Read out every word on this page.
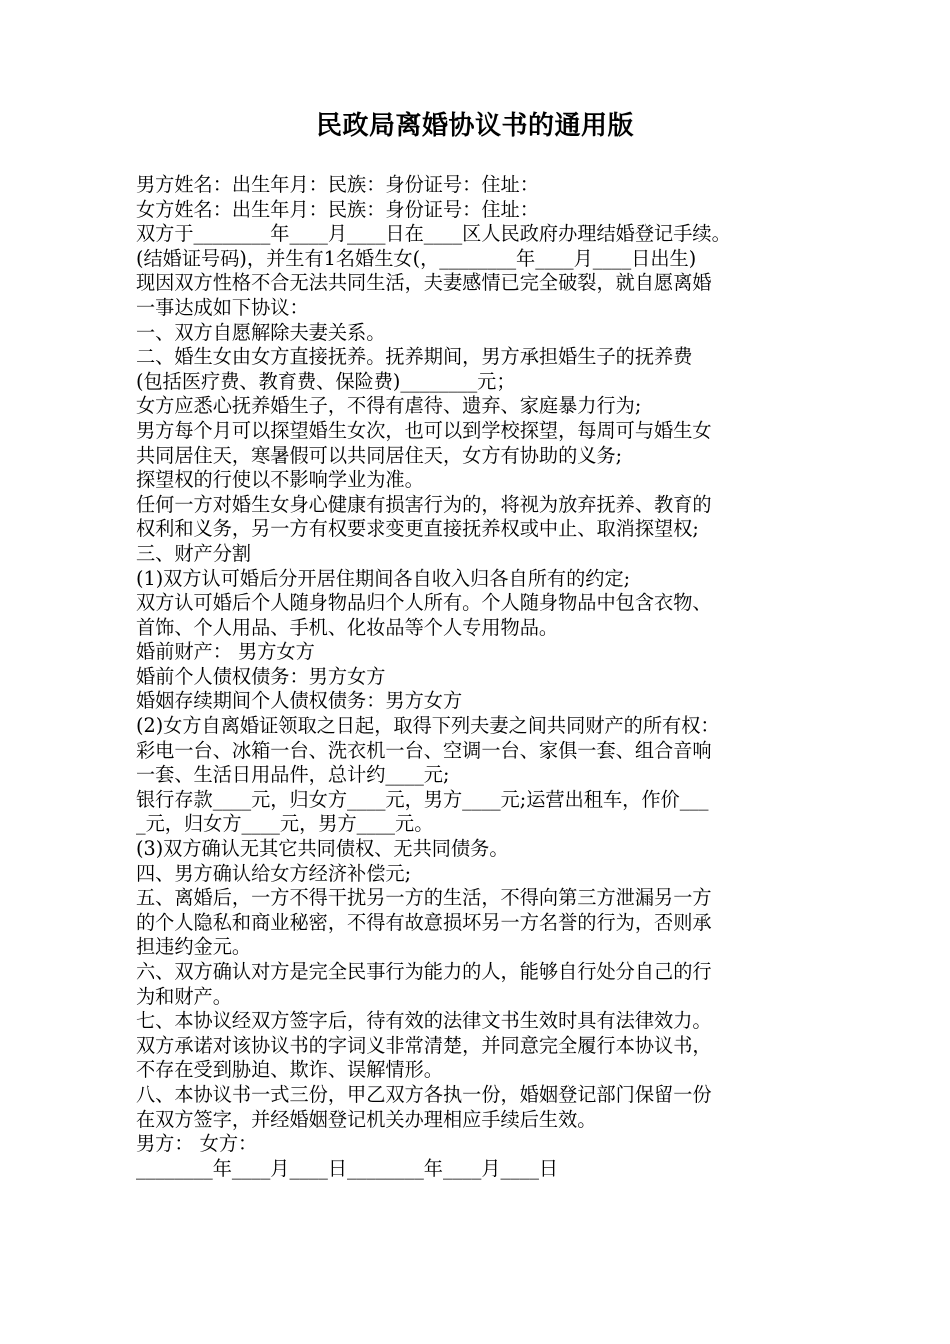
民政局离婚协议书的通用版
男方姓名：出生年月：民族：身份证号：住址：
女方姓名：出生年月：民族：身份证号：住址：
双方于________年____月____日在____区人民政府办理结婚登记手续。
(结婚证号码)，并生有1名婚生女(，________年____月____日出生)
现因双方性格不合无法共同生活，夫妻感情已完全破裂，就自愿离婚
一事达成如下协议：
一、双方自愿解除夫妻关系。
二、婚生女由女方直接抚养。抚养期间，男方承担婚生子的抚养费
(包括医疗费、教育费、保险费)________元；
女方应悉心抚养婚生子，不得有虐待、遗弃、家庭暴力行为;
男方每个月可以探望婚生女次，也可以到学校探望，每周可与婚生女
共同居住天，寒暑假可以共同居住天，女方有协助的义务;
探望权的行使以不影响学业为准。
任何一方对婚生女身心健康有损害行为的，将视为放弃抚养、教育的
权利和义务，另一方有权要求变更直接抚养权或中止、取消探望权;
三、财产分割
(1)双方认可婚后分开居住期间各自收入归各自所有的约定;
双方认可婚后个人随身物品归个人所有。个人随身物品中包含衣物、
首饰、个人用品、手机、化妆品等个人专用物品。
婚前财产： 男方女方
婚前个人债权债务：男方女方
婚姻存续期间个人债权债务：男方女方
(2)女方自离婚证领取之日起，取得下列夫妻之间共同财产的所有权：
彩电一台、冰箱一台、洗衣机一台、空调一台、家俱一套、组合音响
一套、生活日用品件，总计约____元;
银行存款____元，归女方____元，男方____元;运营出租车，作价___
_元，归女方____元，男方____元。
(3)双方确认无其它共同债权、无共同债务。
四、男方确认给女方经济补偿元;
五、离婚后，一方不得干扰另一方的生活，不得向第三方泄漏另一方
的个人隐私和商业秘密，不得有故意损坏另一方名誉的行为，否则承
担违约金元。
六、双方确认对方是完全民事行为能力的人，能够自行处分自己的行
为和财产。
七、本协议经双方签字后，待有效的法律文书生效时具有法律效力。
双方承诺对该协议书的字词义非常清楚，并同意完全履行本协议书，
不存在受到胁迫、欺诈、误解情形。
八、本协议书一式三份，甲乙双方各执一份，婚姻登记部门保留一份
在双方签字，并经婚姻登记机关办理相应手续后生效。
男方： 女方：
________年____月____日________年____月____日
